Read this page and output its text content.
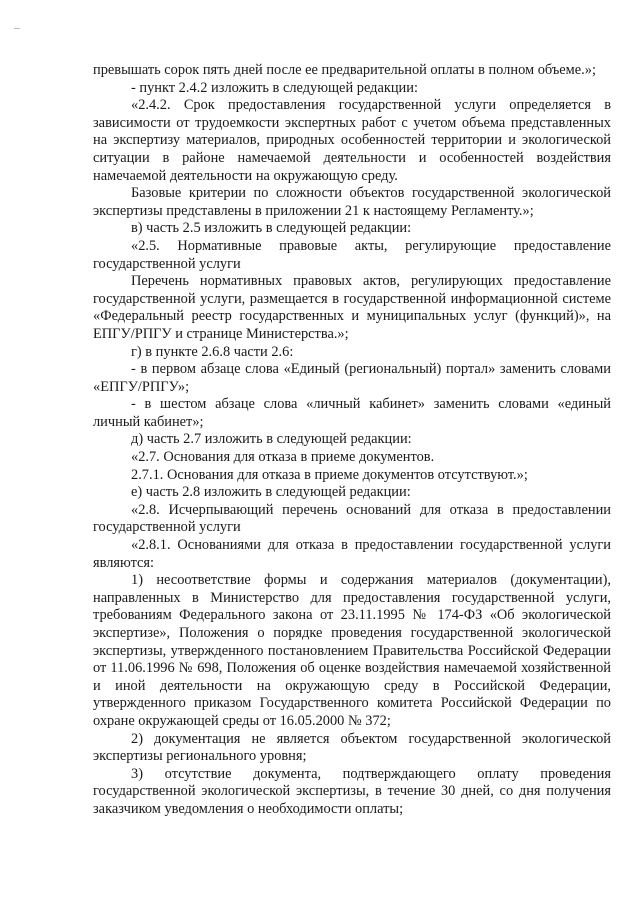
превышать сорок пять дней после ее предварительной оплаты в полном объеме.»;

- пункт 2.4.2 изложить в следующей редакции:

«2.4.2. Срок предоставления государственной услуги определяется в зависимости от трудоемкости экспертных работ с учетом объема представленных на экспертизу материалов, природных особенностей территории и экологической ситуации в районе намечаемой деятельности и особенностей воздействия намечаемой деятельности на окружающую среду.

Базовые критерии по сложности объектов государственной экологической экспертизы представлены в приложении 21 к настоящему Регламенту.»;

в) часть 2.5 изложить в следующей редакции:

«2.5. Нормативные правовые акты, регулирующие предоставление государственной услуги

Перечень нормативных правовых актов, регулирующих предоставление государственной услуги, размещается в государственной информационной системе «Федеральный реестр государственных и муниципальных услуг (функций)», на ЕПГУ/РПГУ и странице Министерства.»;

г) в пункте 2.6.8 части 2.6:

- в первом абзаце слова «Единый (региональный) портал» заменить словами «ЕПГУ/РПГУ»;

- в шестом абзаце слова «личный кабинет» заменить словами «единый личный кабинет»;

д) часть 2.7 изложить в следующей редакции:

«2.7. Основания для отказа в приеме документов.

2.7.1. Основания для отказа в приеме документов отсутствуют.»;

е) часть 2.8 изложить в следующей редакции:

«2.8. Исчерпывающий перечень оснований для отказа в предоставлении государственной услуги

«2.8.1. Основаниями для отказа в предоставлении государственной услуги являются:

1) несоответствие формы и содержания материалов (документации), направленных в Министерство для предоставления государственной услуги, требованиям Федерального закона от 23.11.1995 № 174-ФЗ «Об экологической экспертизе», Положения о порядке проведения государственной экологической экспертизы, утвержденного постановлением Правительства Российской Федерации от 11.06.1996 № 698, Положения об оценке воздействия намечаемой хозяйственной и иной деятельности на окружающую среду в Российской Федерации, утвержденного приказом Государственного комитета Российской Федерации по охране окружающей среды от 16.05.2000 № 372;

2) документация не является объектом государственной экологической экспертизы регионального уровня;

3) отсутствие документа, подтверждающего оплату проведения государственной экологической экспертизы, в течение 30 дней, со дня получения заказчиком уведомления о необходимости оплаты;
